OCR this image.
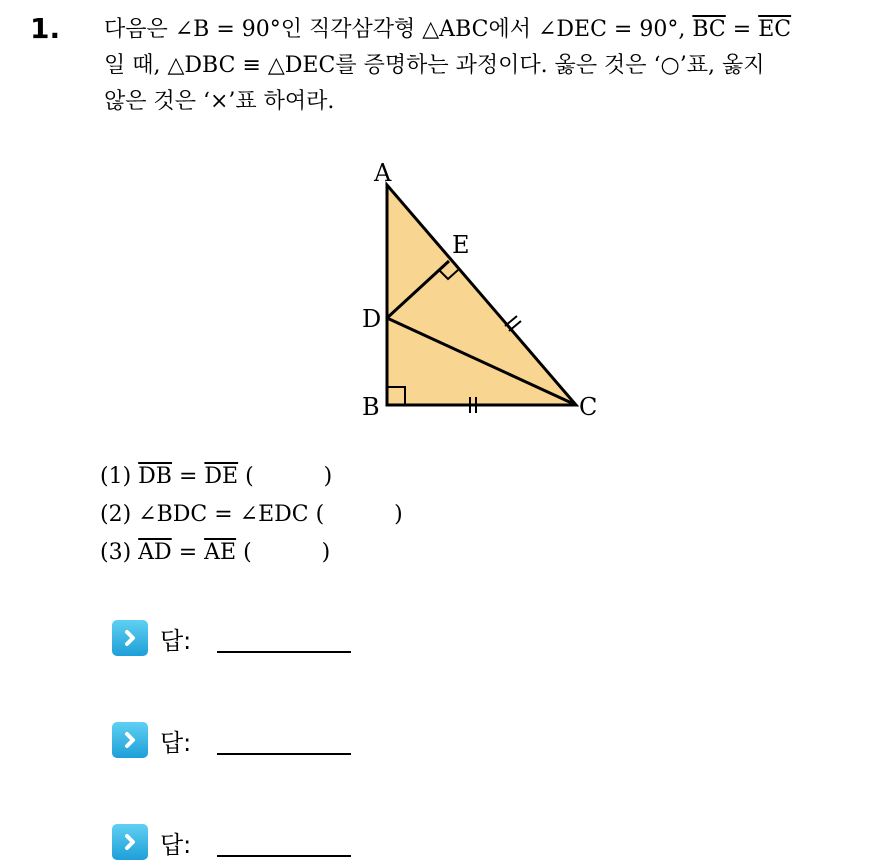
1. 다음은 ∠B = 90°인 직각삼각형 △ABC에서 ∠DEC = 90°, $\overline{BC} = \overline{EC}$

일 때, △DBC ≡ △DEC를 증명하는 과정이다. 옳은 것은 ‘○’표, 옳지

않은 것은 ‘×’표 하여라.

A
E
D
B	C
(1) $\overline{DB} = \overline{DE}$ (          )
(2) ∠BDC = ∠EDC (          )
(3) $\overline{AD} = \overline{AE}$ (          )
답:
답:
답:
